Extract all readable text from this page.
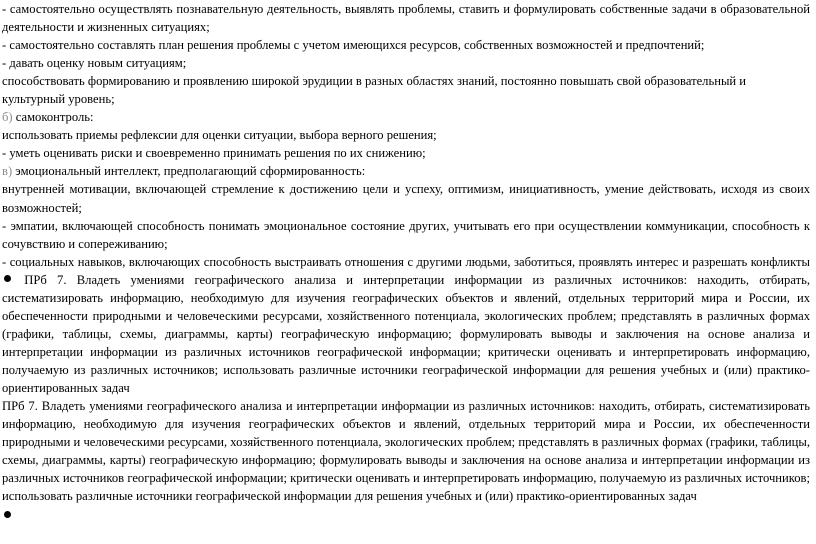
- самостоятельно осуществлять познавательную деятельность, выявлять проблемы, ставить и формулировать собственные задачи в образовательной деятельности и жизненных ситуациях;

- самостоятельно составлять план решения проблемы с учетом имеющихся ресурсов, собственных возможностей и предпочтений;

- давать оценку новым ситуациям;

способствовать формированию и проявлению широкой эрудиции в разных областях знаний, постоянно повышать свой образовательный и культурный уровень;

б) самоконтроль:

использовать приемы рефлексии для оценки ситуации, выбора верного решения;

- уметь оценивать риски и своевременно принимать решения по их снижению;

в) эмоциональный интеллект, предполагающий сформированность:

внутренней мотивации, включающей стремление к достижению цели и успеху, оптимизм, инициативность, умение действовать, исходя из своих возможностей;

- эмпатии, включающей способность понимать эмоциональное состояние других, учитывать его при осуществлении коммуникации, способность к сочувствию и сопереживанию;

- социальных навыков, включающих способность выстраивать отношения с другими людьми, заботиться, проявлять интерес и разрешать конфликты ПРб 7. Владеть умениями географического анализа и интерпретации информации из различных источников: находить, отбирать, систематизировать информацию, необходимую для изучения географических объектов и явлений, отдельных территорий мира и России, их обеспеченности природными и человеческими ресурсами, хозяйственного потенциала, экологических проблем; представлять в различных формах (графики, таблицы, схемы, диаграммы, карты) географическую информацию; формулировать выводы и заключения на основе анализа и интерпретации информации из различных источников географической информации; критически оценивать и интерпретировать информацию, получаемую из различных источников; использовать различные источники географической информации для решения учебных и (или) практико-ориентированных задач

ПРб 7. Владеть умениями географического анализа и интерпретации информации из различных источников: находить, отбирать, систематизировать информацию, необходимую для изучения географических объектов и явлений, отдельных территорий мира и России, их обеспеченности природными и человеческими ресурсами, хозяйственного потенциала, экологических проблем; представлять в различных формах (графики, таблицы, схемы, диаграммы, карты) географическую информацию; формулировать выводы и заключения на основе анализа и интерпретации информации из различных источников географической информации; критически оценивать и интерпретировать информацию, получаемую из различных источников; использовать различные источники географической информации для решения учебных и (или) практико-ориентированных задач
